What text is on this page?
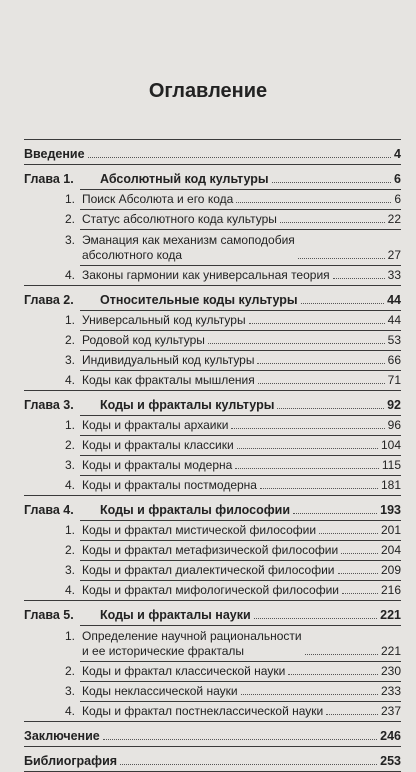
Оглавление
Введение	4
Глава 1.	Абсолютный код культуры	6
1. Поиск Абсолюта и его кода	6
2. Статус абсолютного кода культуры	22
3. Эманация как механизм самоподобия
абсолютного кода	27
4. Законы гармонии как универсальная теория	33
Глава 2.	Относительные коды культуры	44
1. Универсальный код культуры	44
2. Родовой код культуры	53
3. Индивидуальный код культуры	66
4. Коды как фракталы мышления	71
Глава 3.	Коды и фракталы культуры	92
1. Коды и фракталы архаики	96
2. Коды и фракталы классики	104
3. Коды и фракталы модерна	115
4. Коды и фракталы постмодерна	181
Глава 4.	Коды и фракталы философии	193
1. Коды и фрактал мистической философии	201
2. Коды и фрактал метафизической философии	204
3. Коды и фрактал диалектической философии	209
4. Коды и фрактал мифологической философии	216
Глава 5.	Коды и фракталы науки	221
1. Определение научной рациональности
и ее исторические фракталы	221
2. Коды и фрактал классической науки	230
3. Коды неклассической науки	233
4. Коды и фрактал постнеклассической науки	237
Заключение	246
Библиография	253
